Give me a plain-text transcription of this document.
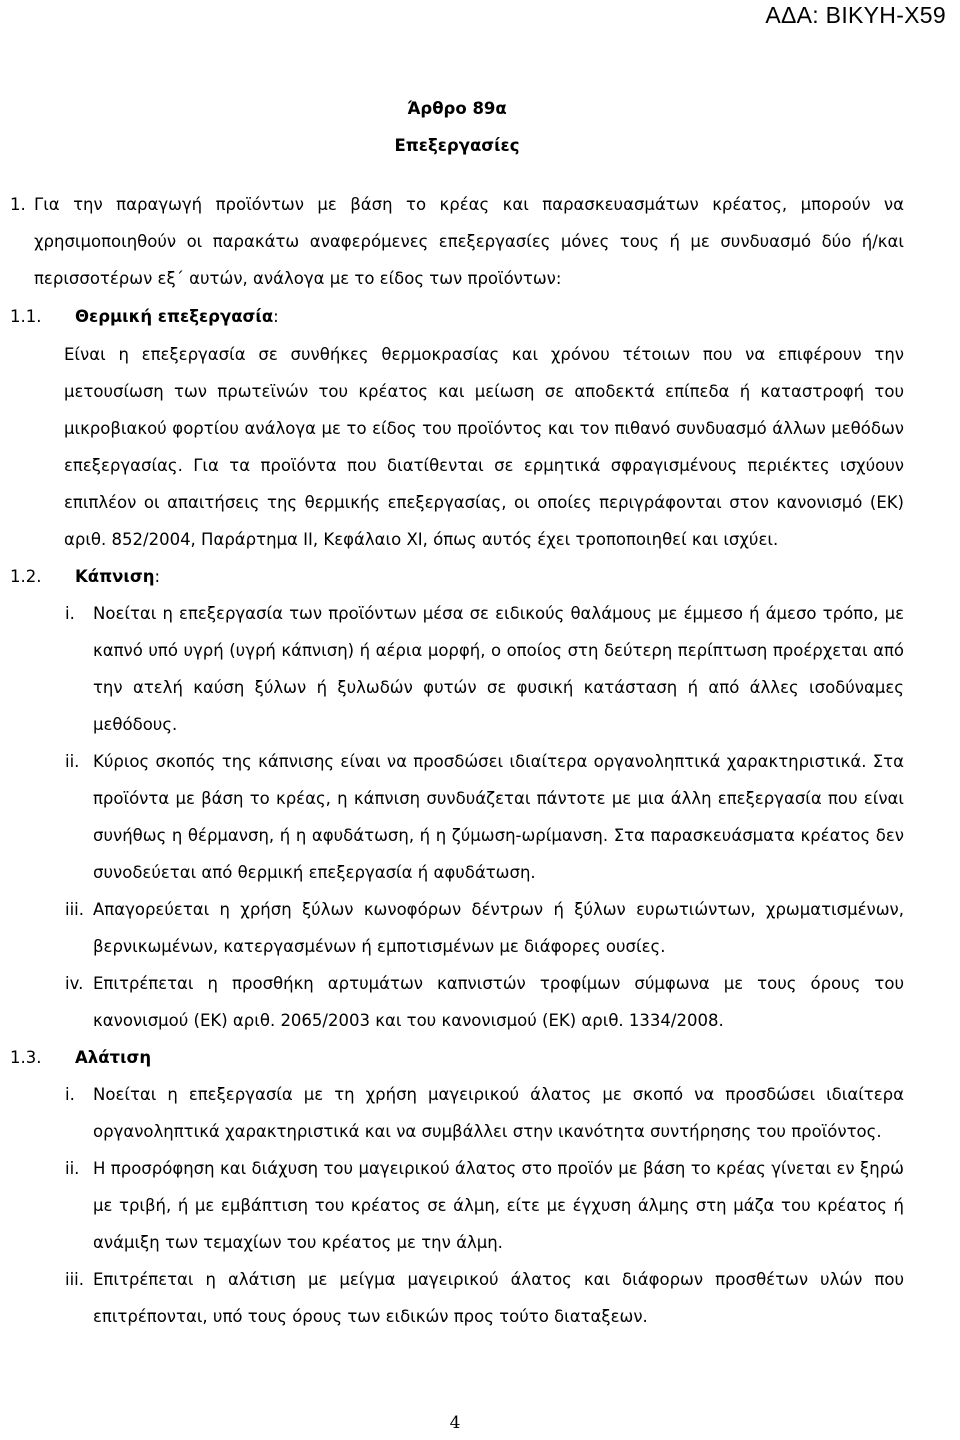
ΑΔΑ: ΒΙΚΥΗ-Χ59
Άρθρο 89α
Επεξεργασίες
1. Για την παραγωγή προϊόντων με βάση το κρέας και παρασκευασμάτων κρέατος, μπορούν να χρησιμοποιηθούν οι παρακάτω αναφερόμενες επεξεργασίες μόνες τους ή με συνδυασμό δύο ή/και περισσοτέρων εξ΄ αυτών, ανάλογα με το είδος των προϊόντων:
1.1.	Θερμική επεξεργασία:
Είναι η επεξεργασία σε συνθήκες θερμοκρασίας και χρόνου τέτοιων που να επιφέρουν την μετουσίωση των πρωτεϊνών του κρέατος και μείωση σε αποδεκτά επίπεδα ή καταστροφή του μικροβιακού φορτίου ανάλογα με το είδος του προϊόντος και τον πιθανό συνδυασμό άλλων μεθόδων επεξεργασίας. Για τα προϊόντα που διατίθενται σε ερμητικά σφραγισμένους περιέκτες ισχύουν επιπλέον οι απαιτήσεις της θερμικής επεξεργασίας, οι οποίες περιγράφονται στον κανονισμό (ΕΚ) αριθ. 852/2004, Παράρτημα ΙΙ, Κεφάλαιο ΧΙ, όπως αυτός έχει τροποποιηθεί και ισχύει.
1.2.	Κάπνιση:
i.	Νοείται η επεξεργασία των προϊόντων μέσα σε ειδικούς θαλάμους με έμμεσο ή άμεσο τρόπο, με καπνό υπό υγρή (υγρή κάπνιση) ή αέρια μορφή, ο οποίος στη δεύτερη περίπτωση προέρχεται από την ατελή καύση ξύλων ή ξυλωδών φυτών σε φυσική κατάσταση ή από άλλες ισοδύναμες μεθόδους.
ii. Κύριος σκοπός της κάπνισης είναι να προσδώσει ιδιαίτερα οργανοληπτικά χαρακτηριστικά. Στα προϊόντα με βάση το κρέας, η κάπνιση συνδυάζεται πάντοτε με μια άλλη επεξεργασία που είναι συνήθως η θέρμανση, ή η αφυδάτωση, ή η ζύμωση-ωρίμανση. Στα παρασκευάσματα κρέατος δεν συνοδεύεται από θερμική επεξεργασία ή αφυδάτωση.
iii. Απαγορεύεται η χρήση ξύλων κωνοφόρων δέντρων ή ξύλων ευρωτιώντων, χρωματισμένων, βερνικωμένων, κατεργασμένων ή εμποτισμένων με διάφορες ουσίες.
iv. Επιτρέπεται η προσθήκη αρτυμάτων καπνιστών τροφίμων σύμφωνα με τους όρους του κανονισμού (ΕΚ) αριθ. 2065/2003 και του κανονισμού (ΕΚ) αριθ. 1334/2008.
1.3.	Αλάτιση
i.	Νοείται η επεξεργασία με τη χρήση μαγειρικού άλατος με σκοπό να προσδώσει ιδιαίτερα οργανοληπτικά χαρακτηριστικά και να συμβάλλει στην ικανότητα συντήρησης του προϊόντος.
ii. Η προσρόφηση και διάχυση του μαγειρικού άλατος στο προϊόν με βάση το κρέας γίνεται εν ξηρώ με τριβή, ή με εμβάπτιση του κρέατος σε άλμη, είτε με έγχυση άλμης στη μάζα του κρέατος ή ανάμιξη των τεμαχίων του κρέατος με την άλμη.
iii. Επιτρέπεται η αλάτιση με μείγμα μαγειρικού άλατος και διάφορων προσθέτων υλών που επιτρέπονται, υπό τους όρους των ειδικών προς τούτο διαταξεων.
4
